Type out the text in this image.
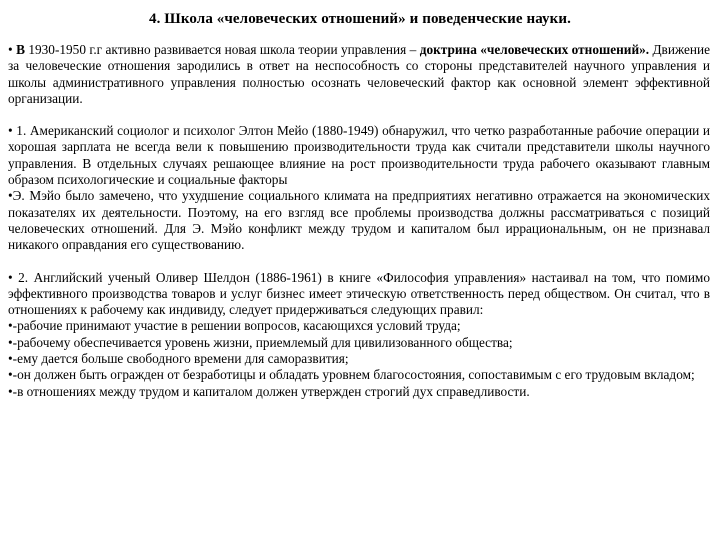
4. Школа «человеческих отношений» и поведенческие науки.

• В 1930-1950 г.г активно развивается новая школа теории управления – доктрина «человеческих отношений». Движение за человеческие отношения зародились в ответ на неспособность со стороны представителей научного управления и школы административного управления полностью осознать человеческий фактор как основной элемент эффективной организации.

• 1. Американский социолог и психолог Элтон Мейо (1880-1949) обнаружил, что четко разработанные рабочие операции и хорошая зарплата не всегда вели к повышению производительности труда как считали представители школы научного управления. В отдельных случаях решающее влияние на рост производительности труда рабочего оказывают главным образом психологические и социальные факторы

•Э. Мэйо было замечено, что ухудшение социального климата на предприятиях негативно отражается на экономических показателях их деятельности. Поэтому, на его взгляд все проблемы производства должны рассматриваться с позиций человеческих отношений. Для Э. Мэйо конфликт между трудом и капиталом был иррациональным, он не признавал никакого оправдания его существованию.

• 2. Английский ученый Оливер Шелдон (1886-1961) в книге «Философия управления» настаивал на том, что помимо эффективного производства товаров и услуг бизнес имеет этическую ответственность перед обществом. Он считал, что в отношениях к рабочему как индивиду, следует придерживаться следующих правил:

•-рабочие принимают участие в решении вопросов, касающихся условий труда;

•-рабочему обеспечивается уровень жизни, приемлемый для цивилизованного общества;

•-ему дается больше свободного времени для саморазвития;

•-он должен быть огражден от безработицы и обладать уровнем благосостояния, сопоставимым с его трудовым вкладом;

•-в отношениях между трудом и капиталом должен утвержден строгий дух справедливости.
